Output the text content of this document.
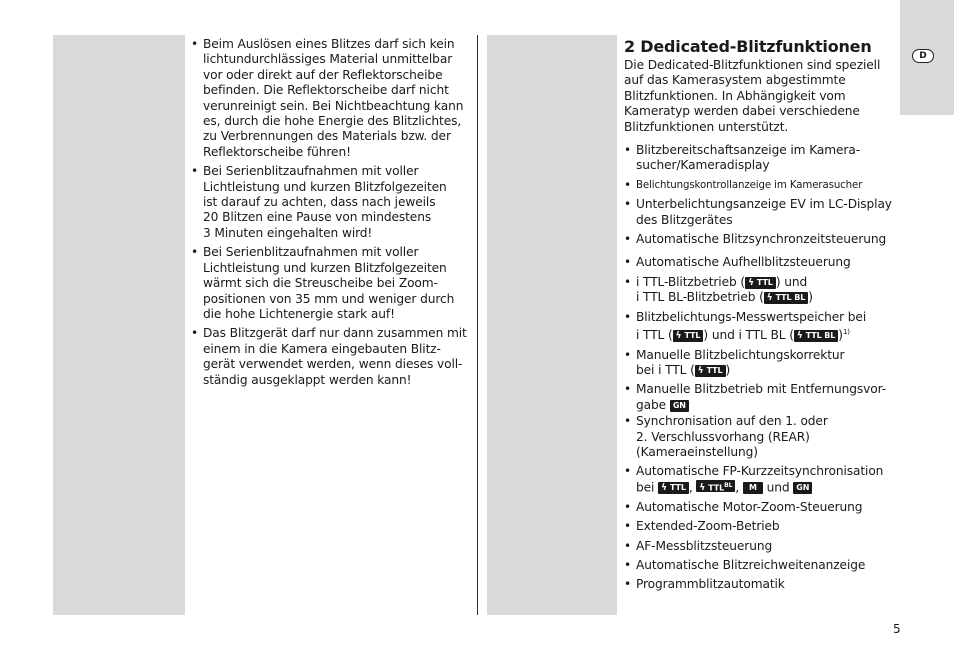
D
• Beim Auslösen eines Blitzes darf sich kein
lichtundurchlässiges Material unmittelbar
vor oder direkt auf der Reflektorscheibe
befinden. Die Reflektorscheibe darf nicht
verunreinigt sein. Bei Nichtbeachtung kann
es, durch die hohe Energie des Blitzlichtes,
zu Verbrennungen des Materials bzw. der
Reflektorscheibe führen!
• Bei Serienblitzaufnahmen mit voller
Lichtleistung und kurzen Blitzfolgezeiten
ist darauf zu achten, dass nach jeweils
20 Blitzen eine Pause von mindestens
3 Minuten eingehalten wird!
• Bei Serienblitzaufnahmen mit voller
Lichtleistung und kurzen Blitzfolgezeiten
wärmt sich die Streuscheibe bei Zoom-
positionen von 35 mm und weniger durch
die hohe Lichtenergie stark auf!
• Das Blitzgerät darf nur dann zusammen mit
einem in die Kamera eingebauten Blitz-
gerät verwendet werden, wenn dieses voll-
ständig ausgeklappt werden kann!
2 Dedicated-Blitzfunktionen
Die Dedicated-Blitzfunktionen sind speziell
auf das Kamerasystem abgestimmte
Blitzfunktionen. In Abhängigkeit vom
Kameratyp werden dabei verschiedene
Blitzfunktionen unterstützt.
• Blitzbereitschaftsanzeige im Kamera-
sucher/Kameradisplay
• Belichtungskontrollanzeige im Kamerasucher
• Unterbelichtungsanzeige EV im LC-Display
des Blitzgerätes
• Automatische Blitzsynchronzeitsteuerung
• Automatische Aufhellblitzsteuerung
• i TTL-Blitzbetrieb ( ϟ TTL ) und
i TTL BL-Blitzbetrieb ( ϟ TTL BL )
• Blitzbelichtungs-Messwertspeicher bei
i TTL ( ϟ TTL ) und i TTL BL ( ϟ TTL BL )$^{1)}$
• Manuelle Blitzbelichtungskorrektur
bei i TTL ( ϟ TTL )
• Manuelle Blitzbetrieb mit Entfernungsvor-
gabe GN
• Synchronisation auf den 1. oder
2. Verschlussvorhang (REAR)
(Kameraeinstellung)
• Automatische FP-Kurzzeitsynchronisation
bei ϟ TTL , ϟ $TTL^{BL}$ , M und GN
• Automatische Motor-Zoom-Steuerung
• Extended-Zoom-Betrieb
• AF-Messblitzsteuerung
• Automatische Blitzreichweitenanzeige
• Programmblitzautomatik
5
